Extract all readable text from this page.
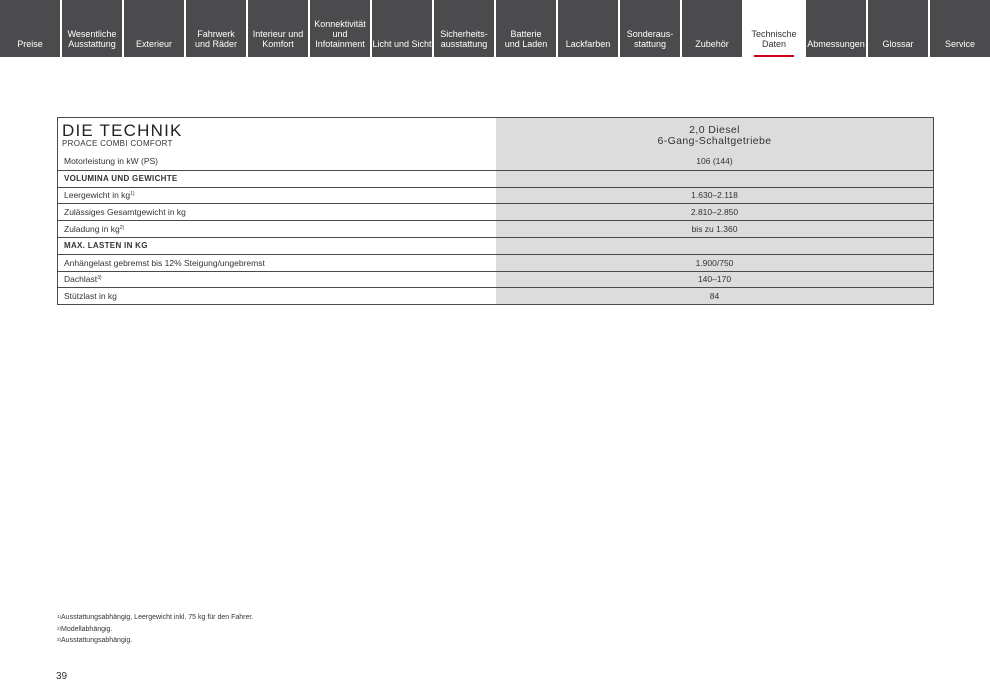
Preise
Wesentliche
Ausstattung	Exterieur
Fahrwerk
und Räder
Interieur und
Komfort
Konnektivität
und
Infotainment Licht und Sicht
Sicherheits-
ausstattung
Batterie
und Laden	Lackfarben
Sonderaus-
stattung	Zubehör
Technische
Daten	Abmessungen	Glossar	Service
DIE TECHNIK
PROACE COMBI COMFORT
2,0 Diesel
6-Gang-Schaltgetriebe
Motorleistung in kW (PS)	106 (144)
VOLUMINA UND GEWICHTE
Leergewicht in $kg^{1)}$	1.630–2.118
Zulässiges Gesamtgewicht in kg	2.810–2.850
Zuladung in $kg^{2)}$	bis zu 1.360
MAX. LASTEN IN KG
Anhängelast gebremst bis 12% Steigung/ungebremst	1.900/750
Dachlast$^{3)}$	140–170
Stützlast in kg	84
$^{1)}$Ausstattungsabhängig, Leergewicht inkl. 75 kg für den Fahrer.
$^{2)}$Modellabhängig.
$^{3)}$Ausstattungsabhängig.
39
